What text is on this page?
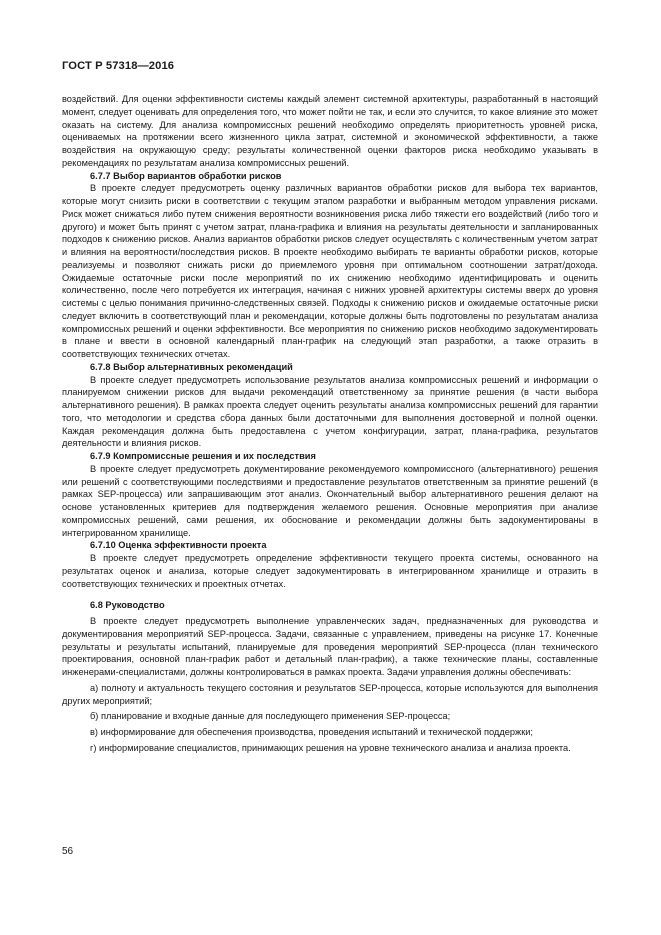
ГОСТ Р 57318—2016

воздействий. Для оценки эффективности системы каждый элемент системной архитектуры, разработанный в настоящий момент, следует оценивать для определения того, что может пойти не так, и если это случится, то какое влияние это может оказать на систему. Для анализа компромиссных решений необходимо определять приоритетность уровней риска, оцениваемых на протяжении всего жизненного цикла затрат, системной и экономической эффективности, а также воздействия на окружающую среду; результаты количественной оценки факторов риска необходимо указывать в рекомендациях по результатам анализа компромиссных решений.

6.7.7 Выбор вариантов обработки рисков

В проекте следует предусмотреть оценку различных вариантов обработки рисков для выбора тех вариантов, которые могут снизить риски в соответствии с текущим этапом разработки и выбранным методом управления рисками. Риск может снижаться либо путем снижения вероятности возникновения риска либо тяжести его воздействий (либо того и другого) и может быть принят с учетом затрат, плана-графика и влияния на результаты деятельности и запланированных подходов к снижению рисков. Анализ вариантов обработки рисков следует осуществлять с количественным учетом затрат и влияния на вероятности/последствия рисков. В проекте необходимо выбирать те варианты обработки рисков, которые реализуемы и позволяют снижать риски до приемлемого уровня при оптимальном соотношении затрат/дохода. Ожидаемые остаточные риски после мероприятий по их снижению необходимо идентифицировать и оценить количественно, после чего потребуется их интеграция, начиная с нижних уровней архитектуры системы вверх до уровня системы с целью понимания причинно-следственных связей. Подходы к снижению рисков и ожидаемые остаточные риски следует включить в соответствующий план и рекомендации, которые должны быть подготовлены по результатам анализа компромиссных решений и оценки эффективности. Все мероприятия по снижению рисков необходимо задокументировать в плане и ввести в основной календарный план-график на следующий этап разработки, а также отразить в соответствующих технических отчетах.

6.7.8 Выбор альтернативных рекомендаций

В проекте следует предусмотреть использование результатов анализа компромиссных решений и информации о планируемом снижении рисков для выдачи рекомендаций ответственному за принятие решения (в части выбора альтернативного решения). В рамках проекта следует оценить результаты анализа компромиссных решений для гарантии того, что методологии и средства сбора данных были достаточными для выполнения достоверной и полной оценки. Каждая рекомендация должна быть предоставлена с учетом конфигурации, затрат, плана-графика, результатов деятельности и влияния рисков.

6.7.9 Компромиссные решения и их последствия

В проекте следует предусмотреть документирование рекомендуемого компромиссного (альтернативного) решения или решений с соответствующими последствиями и предоставление результатов ответственным за принятие решений (в рамках SEP-процесса) или запрашивающим этот анализ. Окончательный выбор альтернативного решения делают на основе установленных критериев для подтверждения желаемого решения. Основные мероприятия при анализе компромиссных решений, сами решения, их обоснование и рекомендации должны быть задокументированы в интегрированном хранилище.

6.7.10 Оценка эффективности проекта

В проекте следует предусмотреть определение эффективности текущего проекта системы, основанного на результатах оценок и анализа, которые следует задокументировать в интегрированном хранилище и отразить в соответствующих технических и проектных отчетах.

6.8 Руководство

В проекте следует предусмотреть выполнение управленческих задач, предназначенных для руководства и документирования мероприятий SEP-процесса. Задачи, связанные с управлением, приведены на рисунке 17. Конечные результаты и результаты испытаний, планируемые для проведения мероприятий SEP-процесса (план технического проектирования, основной план-график работ и детальный план-график), а также технические планы, составленные инженерами-специалистами, должны контролироваться в рамках проекта. Задачи управления должны обеспечивать:

а) полноту и актуальность текущего состояния и результатов SEP-процесса, которые используются для выполнения других мероприятий;

б) планирование и входные данные для последующего применения SEP-процесса;

в) информирование для обеспечения производства, проведения испытаний и технической поддержки;

г) информирование специалистов, принимающих решения на уровне технического анализа и анализа проекта.

56
